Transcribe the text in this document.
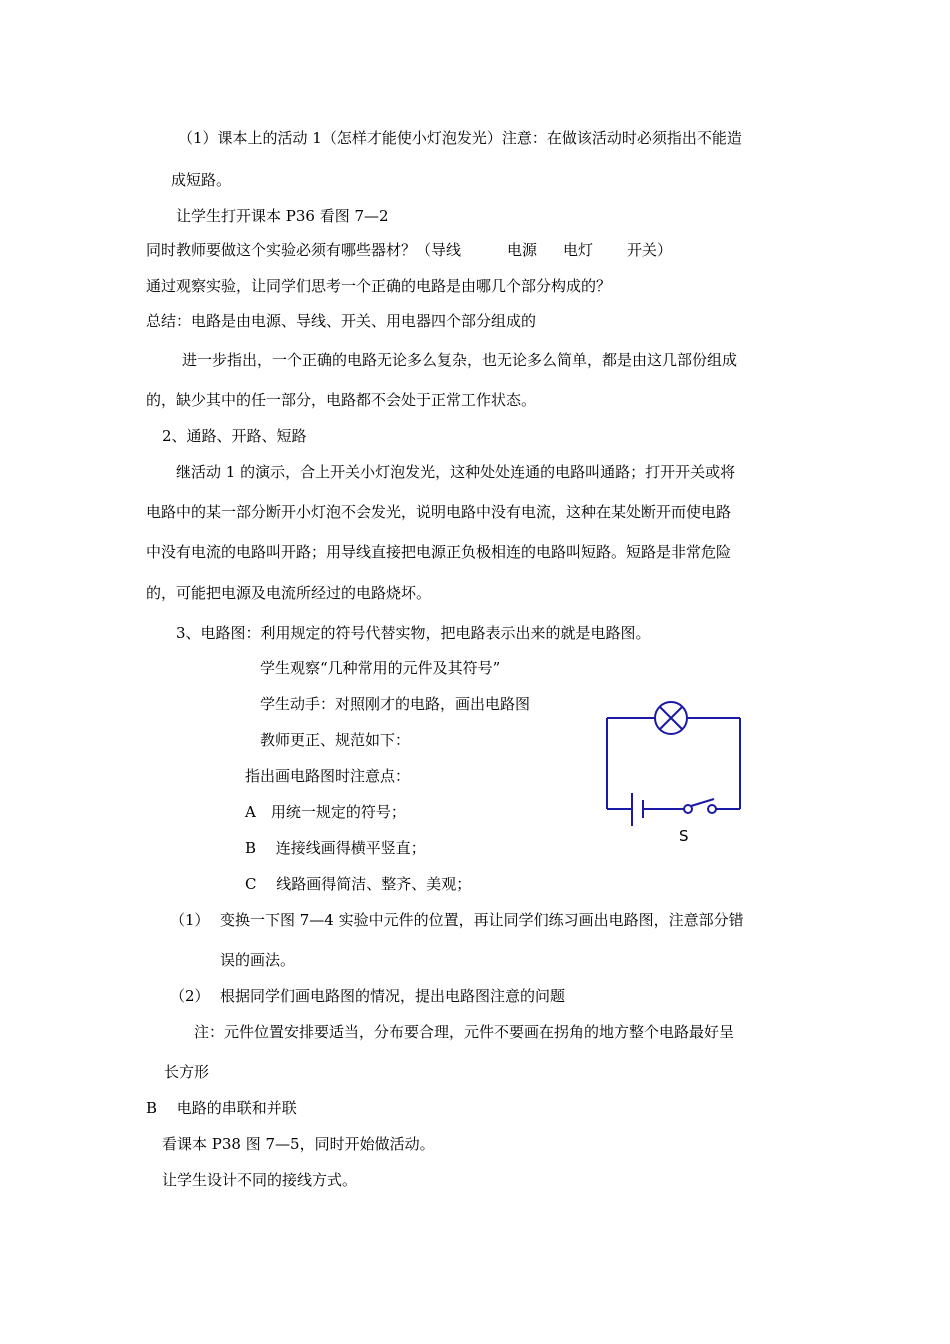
（1）课本上的活动 1（怎样才能使小灯泡发光）注意：在做该活动时必须指出不能造
成短路。
让学生打开课本 P36 看图 7—2
同时教师要做这个实验必须有哪些器材？（导线	电源 电灯 开关）
通过观察实验，让同学们思考一个正确的电路是由哪几个部分构成的？
总结：电路是由电源、导线、开关、用电器四个部分组成的
进一步指出，一个正确的电路无论多么复杂，也无论多么简单，都是由这几部份组成
的，缺少其中的任一部分，电路都不会处于正常工作状态。
2、通路、开路、短路
继活动 1 的演示，合上开关小灯泡发光，这种处处连通的电路叫通路；打开开关或将
电路中的某一部分断开小灯泡不会发光，说明电路中没有电流，这种在某处断开而使电路
中没有电流的电路叫开路；用导线直接把电源正负极相连的电路叫短路。短路是非常危险
的，可能把电源及电流所经过的电路烧坏。
3、电路图：利用规定的符号代替实物，把电路表示出来的就是电路图。
学生观察“几种常用的元件及其符号”
学生动手：对照刚才的电路，画出电路图
教师更正、规范如下：
指出画电路图时注意点：
A　用统一规定的符号；
B　 连接线画得横平竖直；
C　 线路画得简洁、整齐、美观；
S
（1） 变换一下图 7—4 实验中元件的位置，再让同学们练习画出电路图，注意部分错
误的画法。
（2） 根据同学们画电路图的情况，提出电路图注意的问题
注：元件位置安排要适当，分布要合理，元件不要画在拐角的地方整个电路最好呈
长方形
B　 电路的串联和并联
看课本 P38 图 7—5，同时开始做活动。
让学生设计不同的接线方式。
